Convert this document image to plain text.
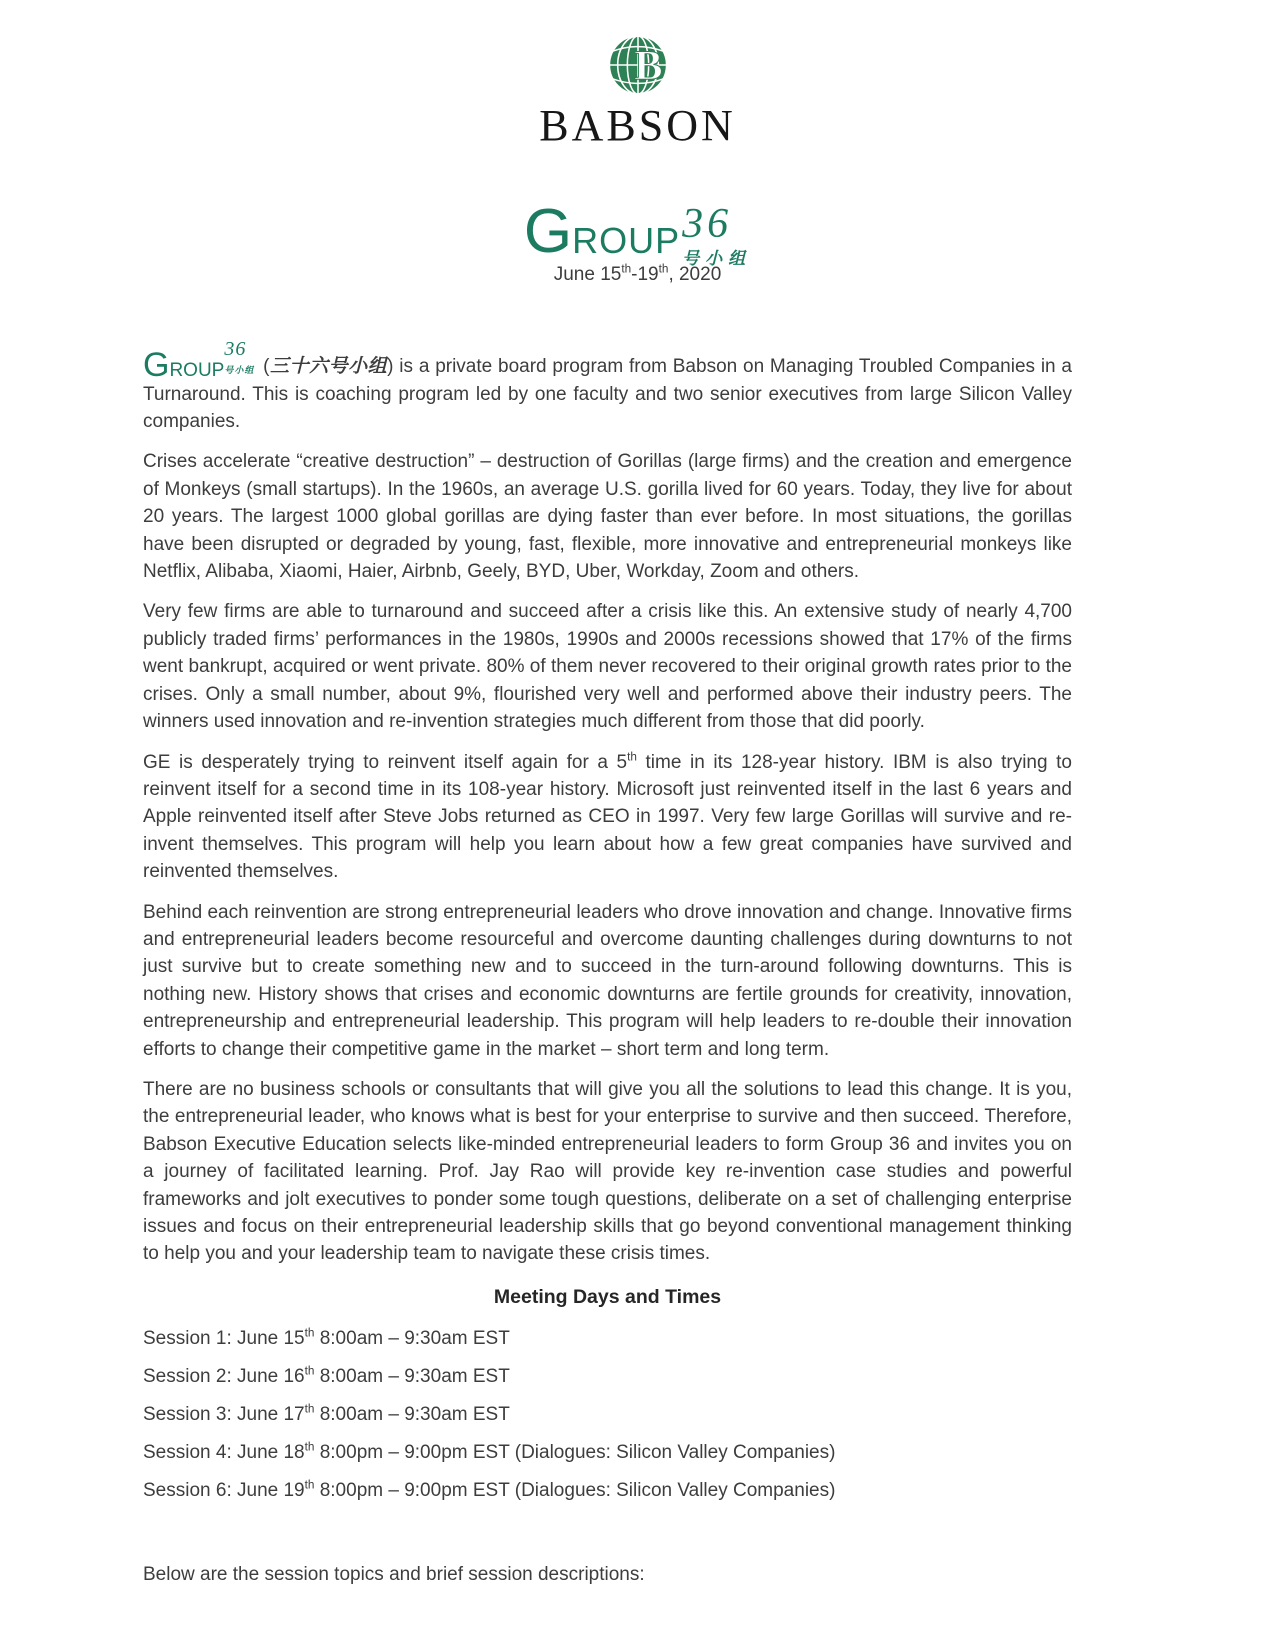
B
BABSON
G ROUP 36
号小组
June 15th-19th, 2020

G ROUP
36
号小组 (三十六号小组) is a private board program from Babson on Managing Troubled Companies in a Turnaround. This is coaching program led by one faculty and two senior executives from large Silicon Valley companies.

Crises accelerate “creative destruction” – destruction of Gorillas (large firms) and the creation and emergence of Monkeys (small startups). In the 1960s, an average U.S. gorilla lived for 60 years. Today, they live for about 20 years. The largest 1000 global gorillas are dying faster than ever before. In most situations, the gorillas have been disrupted or degraded by young, fast, flexible, more innovative and entrepreneurial monkeys like Netflix, Alibaba, Xiaomi, Haier, Airbnb, Geely, BYD, Uber, Workday, Zoom and others.

Very few firms are able to turnaround and succeed after a crisis like this. An extensive study of nearly 4,700 publicly traded firms’ performances in the 1980s, 1990s and 2000s recessions showed that 17% of the firms went bankrupt, acquired or went private. 80% of them never recovered to their original growth rates prior to the crises. Only a small number, about 9%, flourished very well and performed above their industry peers. The winners used innovation and re-invention strategies much different from those that did poorly.

GE is desperately trying to reinvent itself again for a 5th time in its 128-year history. IBM is also trying to reinvent itself for a second time in its 108-year history. Microsoft just reinvented itself in the last 6 years and Apple reinvented itself after Steve Jobs returned as CEO in 1997. Very few large Gorillas will survive and re-invent themselves. This program will help you learn about how a few great companies have survived and reinvented themselves.

Behind each reinvention are strong entrepreneurial leaders who drove innovation and change. Innovative firms and entrepreneurial leaders become resourceful and overcome daunting challenges during downturns to not just survive but to create something new and to succeed in the turn-around following downturns. This is nothing new. History shows that crises and economic downturns are fertile grounds for creativity, innovation, entrepreneurship and entrepreneurial leadership. This program will help leaders to re-double their innovation efforts to change their competitive game in the market – short term and long term.

There are no business schools or consultants that will give you all the solutions to lead this change. It is you, the entrepreneurial leader, who knows what is best for your enterprise to survive and then succeed. Therefore, Babson Executive Education selects like-minded entrepreneurial leaders to form Group 36 and invites you on a journey of facilitated learning. Prof. Jay Rao will provide key re-invention case studies and powerful frameworks and jolt executives to ponder some tough questions, deliberate on a set of challenging enterprise issues and focus on their entrepreneurial leadership skills that go beyond conventional management thinking to help you and your leadership team to navigate these crisis times.

Meeting Days and Times

Session 1: June 15th 8:00am – 9:30am EST

Session 2: June 16th 8:00am – 9:30am EST

Session 3: June 17th 8:00am – 9:30am EST

Session 4: June 18th 8:00pm – 9:00pm EST (Dialogues: Silicon Valley Companies)

Session 6: June 19th 8:00pm – 9:00pm EST (Dialogues: Silicon Valley Companies)

Below are the session topics and brief session descriptions:
